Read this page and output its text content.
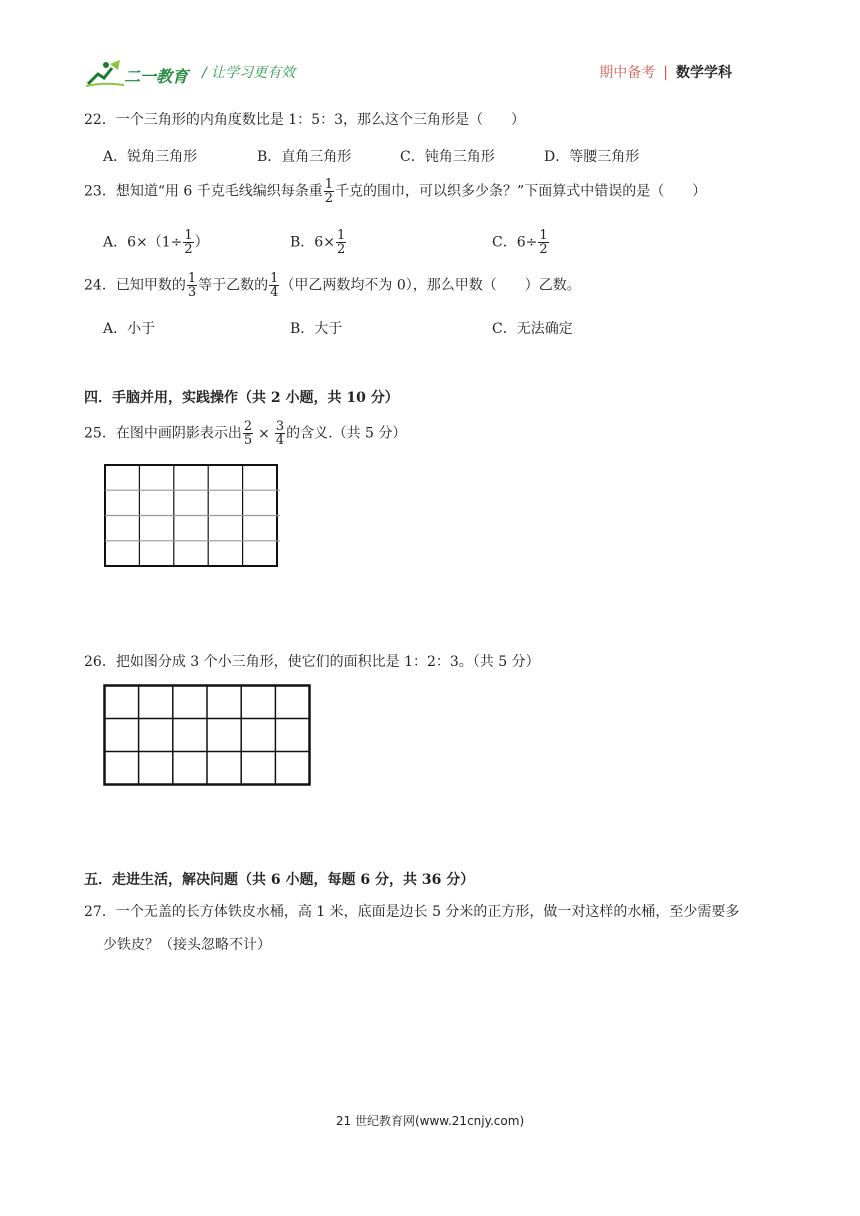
二一教育 / 让学习更有效	期中备考 | 数学学科
22．一个三角形的内角度数比是 1：5：3，那么这个三角形是（　　）
A．锐角三角形	B．直角三角形	C．钝角三角形	D．等腰三角形
23．想知道“用 6 千克毛线编织每条重 $\frac{1}{2}$ 千克的围巾，可以织多少条？”下面算式中错误的是（　　）
A．$6\times(1\div \frac{1}{2}$ ）	B．$6\times \frac{1}{2}$	C．$6\div \frac{1}{2}$
24．已知甲数的 $\frac{1}{3}$ 等于乙数的 $\frac{1}{4}$ （甲乙两数均不为 0），那么甲数（　　）乙数。
A．小于	B．大于	C．无法确定
四．手脑并用，实践操作（共 2 小题，共 10 分）
25．在图中画阴影表示出 $\frac{2}{5} \times \frac{3}{4}$ 的含义.（共 5 分）
26．把如图分成 3 个小三角形，使它们的面积比是 1：2：3。（共 5 分）
五．走进生活，解决问题（共 6 小题，每题 6 分，共 36 分）
27．一个无盖的长方体铁皮水桶，高 1 米，底面是边长 5 分米的正方形，做一对这样的水桶，至少需要多
少铁皮？（接头忽略不计）
21 世纪教育网(www.21cnjy.com)
